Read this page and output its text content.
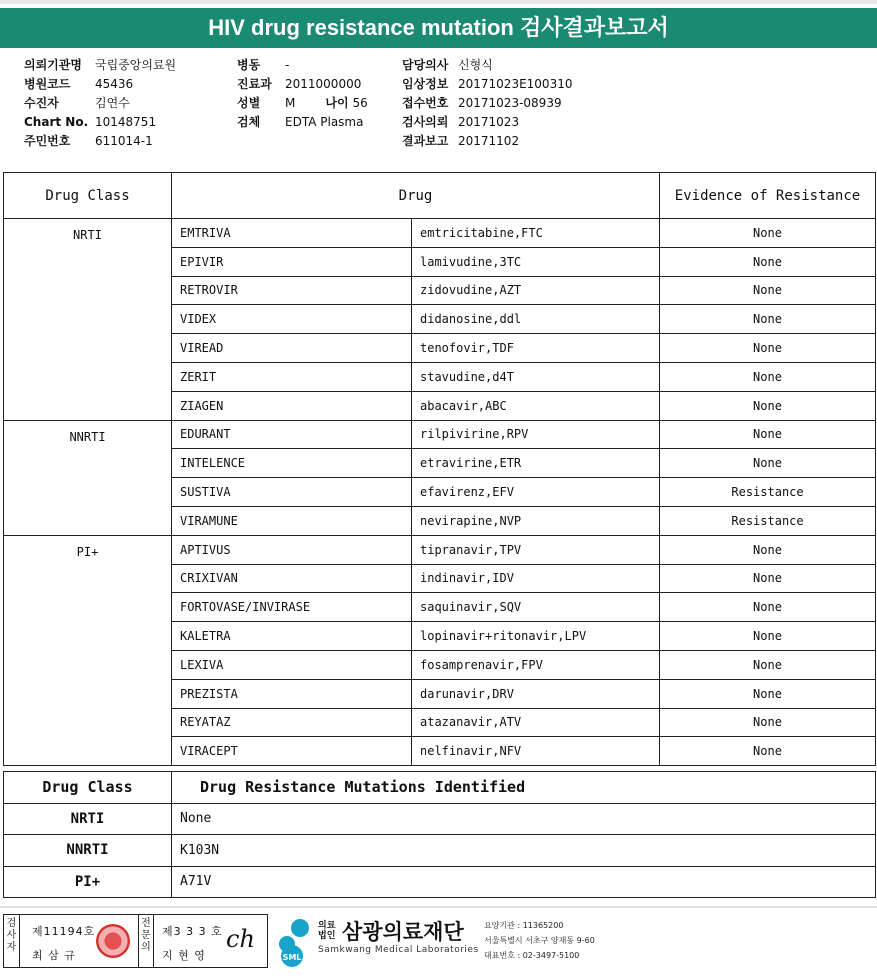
HIV drug resistance mutation 검사결과보고서
의뢰기관명	국립중앙의료원
병원코드	45436
수진자	김연수
Chart No. 10148751
주민번호	611014-1
병동	-
진료과	2011000000
성별	M	나이 56
검체	EDTA Plasma
담당의사 신형식
임상정보 20171023E100310
접수번호 20171023-08939
검사의뢰 20171023
결과보고 20171102
Drug Class	Drug		Evidence of Resistance
NRTI	EMTRIVA	emtricitabine,FTC	None
	EPIVIR	lamivudine,3TC	None
	RETROVIR	zidovudine,AZT	None
	VIDEX	didanosine,ddl	None
	VIREAD	tenofovir,TDF	None
	ZERIT	stavudine,d4T	None
	ZIAGEN	abacavir,ABC	None
NNRTI	EDURANT	rilpivirine,RPV	None
	INTELENCE	etravirine,ETR	None
	SUSTIVA	efavirenz,EFV	Resistance
	VIRAMUNE	nevirapine,NVP	Resistance
PI+	APTIVUS	tipranavir,TPV	None
	CRIXIVAN	indinavir,IDV	None
	FORTOVASE/INVIRASE	saquinavir,SQV	None
	KALETRA	lopinavir+ritonavir,LPV	None
	LEXIVA	fosamprenavir,FPV	None
	PREZISTA	darunavir,DRV	None
	REYATAZ	atazanavir,ATV	None
	VIRACEPT	nelfinavir,NFV	None
Drug Class	Drug Resistance Mutations Identified
NRTI	None
NNRTI	K103N
PI+	A71V
검사자
제11194호
최 삼 규
전문의
제3 3 3 호
지 현 영
ch
SML
의료법인 삼광의료재단
Samkwang Medical Laboratories
요양기관 : 11365200
서울특별시 서초구 양재동 9-60
대표번호 : 02-3497-5100
